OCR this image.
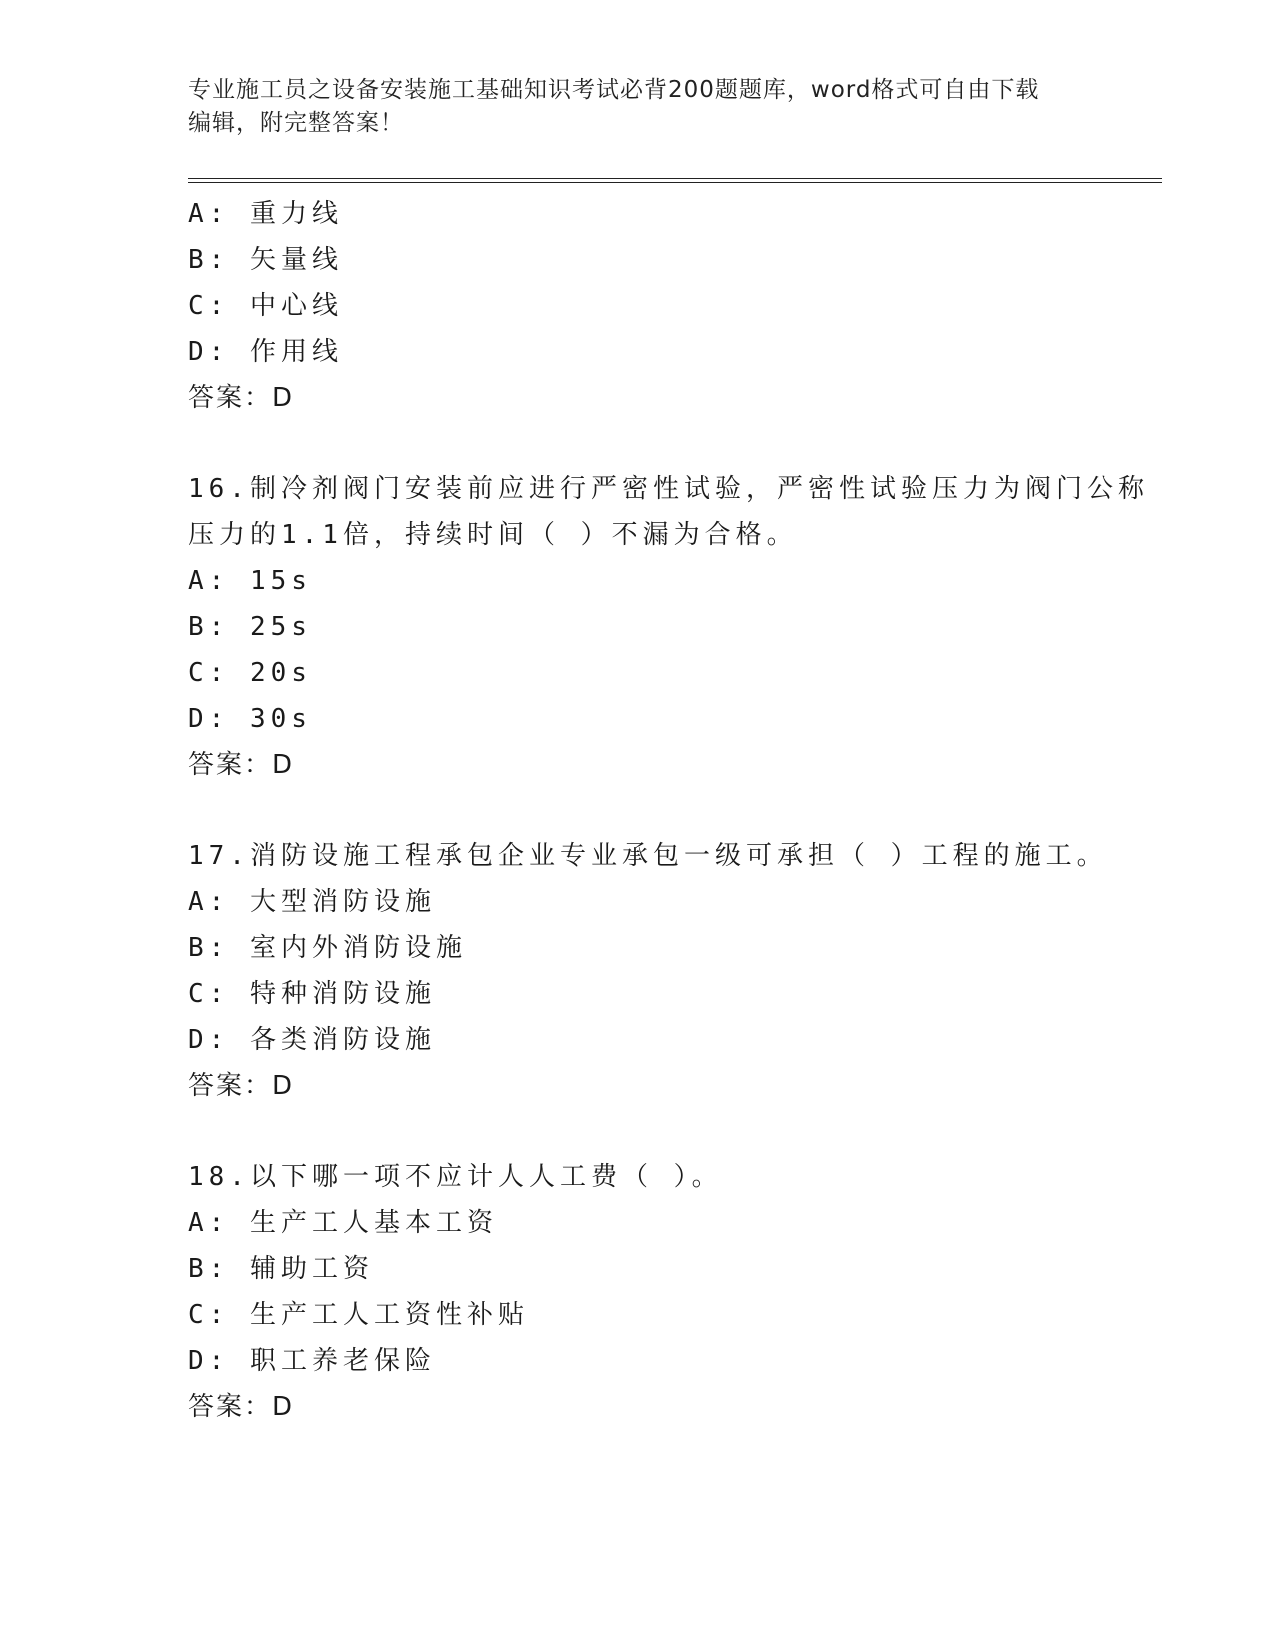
专业施工员之设备安装施工基础知识考试必背200题题库，word格式可自由下载
编辑，附完整答案！
A: 重力线
B: 矢量线
C: 中心线
D: 作用线
答案：D
16.制冷剂阀门安装前应进行严密性试验，严密性试验压力为阀门公称
压力的1.1倍，持续时间（ ）不漏为合格。
A: 15s
B: 25s
C: 20s
D: 30s
答案：D
17.消防设施工程承包企业专业承包一级可承担（ ）工程的施工。
A: 大型消防设施
B: 室内外消防设施
C: 特种消防设施
D: 各类消防设施
答案：D
18.以下哪一项不应计人人工费（ ）。
A: 生产工人基本工资
B: 辅助工资
C: 生产工人工资性补贴
D: 职工养老保险
答案：D
